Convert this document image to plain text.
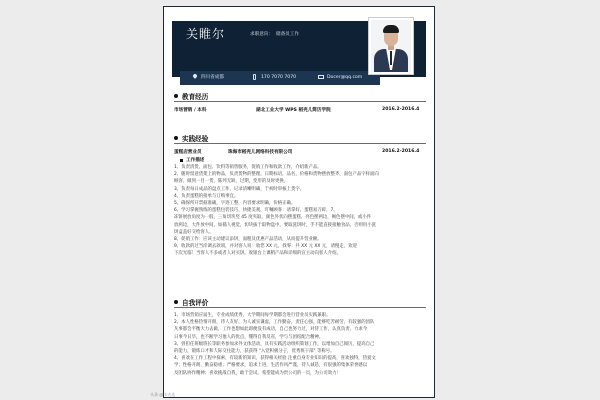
关睢尔	求职意向： 储备员工作
四川省成都	170 7070 7070	Docer@qq.com
教育经历
市场营销 / 本科	湖北工业大学 WPS 稻壳儿简历学院	2016.2-2016.4
实践经验
蛋糕店营业员	珠海市稻壳儿网络科技有限公司	2016.2-2016.4
工作描述

1、负责清货、面包、饮料等销售服务，促销工作和收款工作，介绍新产品。

2、随时留意货架上的物品，负责货物的整理，日期标语，品名，价格和货物摆放整齐，面包产品字样面向

顾客，做到一目一货，陈列无缺，过期，变形的及时更换。

3、负责每日成品的盘点工作，记录清晰明确，于初时审核上货字。

4、负责蛋糕的接单与订购事宜。

5、确保所开票据准确，字迹工整，内容要求明确，价格正确。

6、学习掌握熟练的蛋糕包装技巧，快捷美观，叮嘱顾客：请拿好，蛋糕易刀碎，7、

冻饼展放角度为一般，三角切块竖 45 度夹取，颜色外状向摆蛋糕，亮色摆两边，褐色摆中间，或小件

放两边，大件放中间，如插人视觉，切块拔于取物盘中，要取洗饼时，手不能直接接触食品，否则用小洗

饼盒盖好交给客人。

8、促销工作：应该主动建议添饼，面粗及优惠产品活动，从而提升营业额。

9、收款的过当岸调去款项，并对客人说：收您 XX 元，找零：共 XX 元 XX 元，请慢走，欢迎

下次光临！当客人不多或者人对买饼，收银台上课稍产品和详细的宣主动向客人介绍。

自我评价

1、市场营销应届生，专业成绩优秀，大学期间每学期都会进行营业员实践兼职。

2、本人性格热情开朗，待人友好，为人诚实谦虚，工作勤奋，责任心强，能够吃苦耐劳，有较强的团队

凡事都会平衡大力去做，工作也想如此即便没有成功，自己也努力过，对待工作，认真负责，力求今

日事今日毕，也不断学习他人的优点，懂得自我反省，学与与团结配合精神。

3、曾担任班级班长等职务参加求外文体活动，具有实践活动组织策划工作，以增加自己阅历，提高自己

的能力，锻炼口才和人际交往能力，获获得 "入党积极分子，优秀班干部" 等称号。

4、喜欢在工作工程中探索，有较新的知识，获得相关经验 注重自身专业知识的提高，喜欢独特，热爱文

学；性格开朗，勤奋稳重；严格要求，追求上进，生活作风严谨，待人诚恳，有很强的集体荣誉感以

及团队协作精神；喜欢挑战自我，敢于尝试，希望能成为贵公司的一员，为公司效力！

头条 @卡夫达
